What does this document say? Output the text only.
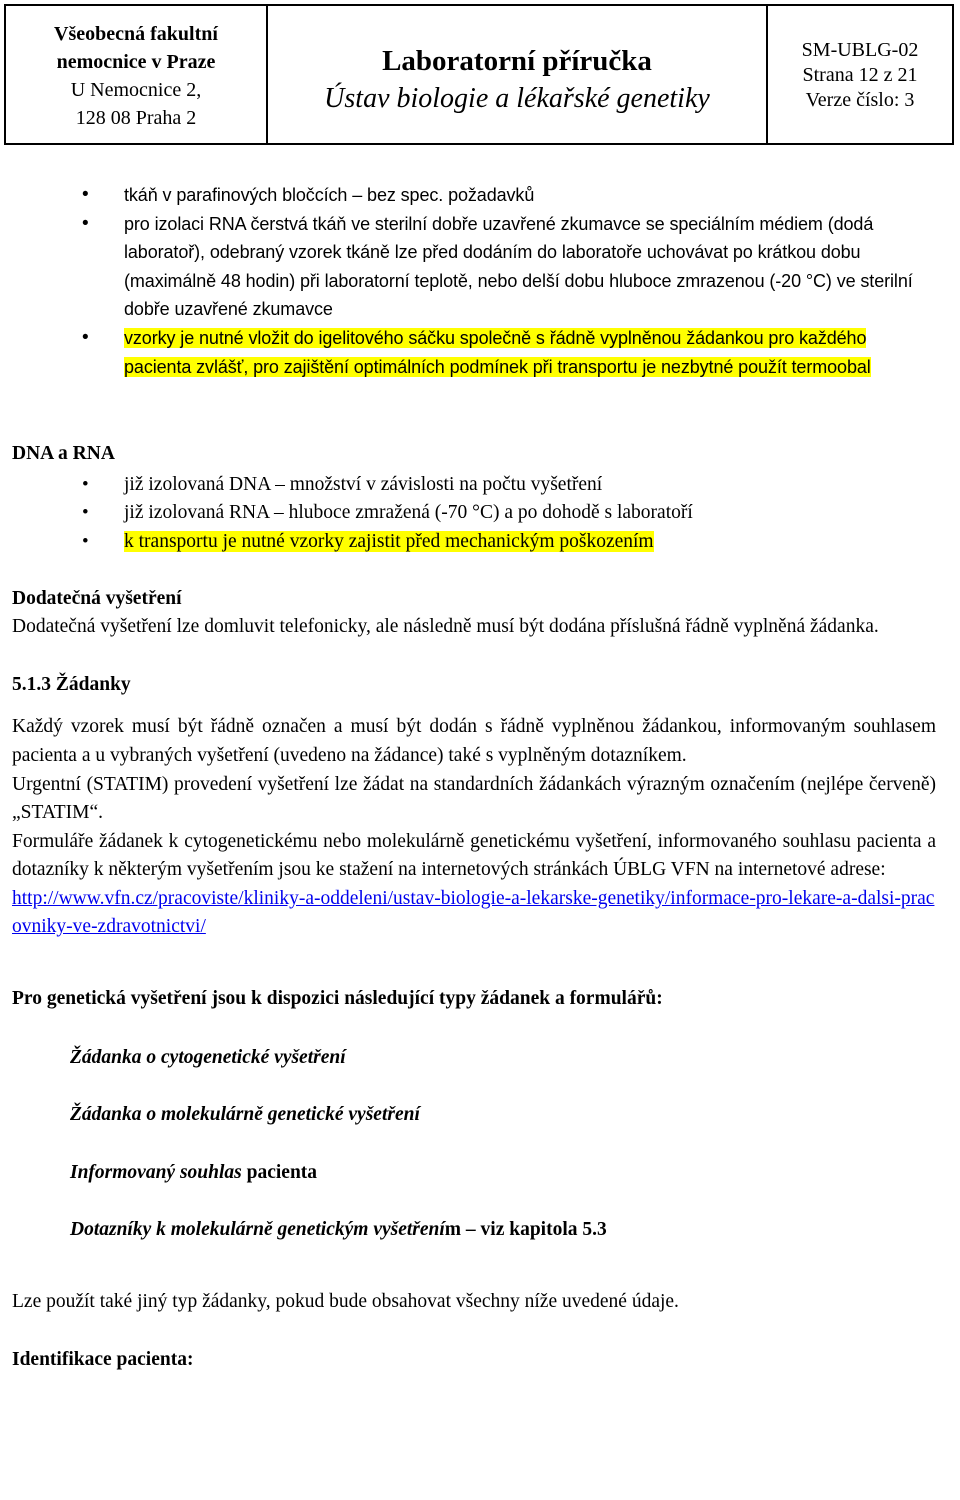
Všeobecná fakultní
nemocnice v Praze
U Nemocnice 2,
128 08 Praha 2
Laboratorní příručka
Ústav biologie a lékařské genetiky
SM-UBLG-02
Strana 12 z 21
Verze číslo: 3
• tkáň v parafinových bločcích – bez spec. požadavků
• pro izolaci RNA čerstvá tkáň ve sterilní dobře uzavřené zkumavce se speciálním médiem (dodá laboratoř), odebraný vzorek tkáně lze před dodáním do laboratoře uchovávat po krátkou dobu (maximálně 48 hodin) při laboratorní teplotě, nebo delší dobu hluboce zmrazenou (-20 °C) ve sterilní dobře uzavřené zkumavce
• vzorky je nutné vložit do igelitového sáčku společně s řádně vyplněnou žádankou pro každého pacienta zvlášť, pro zajištění optimálních podmínek při transportu je nezbytné použít termoobal

DNA a RNA

• již izolovaná DNA – množství v závislosti na počtu vyšetření
• již izolovaná RNA – hluboce zmražená (-70 °C) a po dohodě s laboratoří
• k transportu je nutné vzorky zajistit před mechanickým poškozením

Dodatečná vyšetření

Dodatečná vyšetření lze domluvit telefonicky, ale následně musí být dodána příslušná řádně vyplněná žádanka.

5.1.3 Žádanky

Každý vzorek musí být řádně označen a musí být dodán s řádně vyplněnou žádankou, informovaným souhlasem pacienta a u vybraných vyšetření (uvedeno na žádance) také s vyplněným dotazníkem.

Urgentní (STATIM) provedení vyšetření lze žádat na standardních žádankách výrazným označením (nejlépe červeně) „STATIM“.

Formuláře žádanek k cytogenetickému nebo molekulárně genetickému vyšetření, informovaného souhlasu pacienta a dotazníky k některým vyšetřením jsou ke stažení na internetových stránkách ÚBLG VFN na internetové adrese:

http://www.vfn.cz/pracoviste/kliniky-a-oddeleni/ustav-biologie-a-lekarske-genetiky/informace-pro-lekare-a-dalsi-pracovniky-ve-zdravotnictvi/

Pro genetická vyšetření jsou k dispozici následující typy žádanek a formulářů:

Žádanka o cytogenetické vyšetření

Žádanka o molekulárně genetické vyšetření

Informovaný souhlas pacienta

Dotazníky k molekulárně genetickým vyšetřením – viz kapitola 5.3

Lze použít také jiný typ žádanky, pokud bude obsahovat všechny níže uvedené údaje.

Identifikace pacienta:
